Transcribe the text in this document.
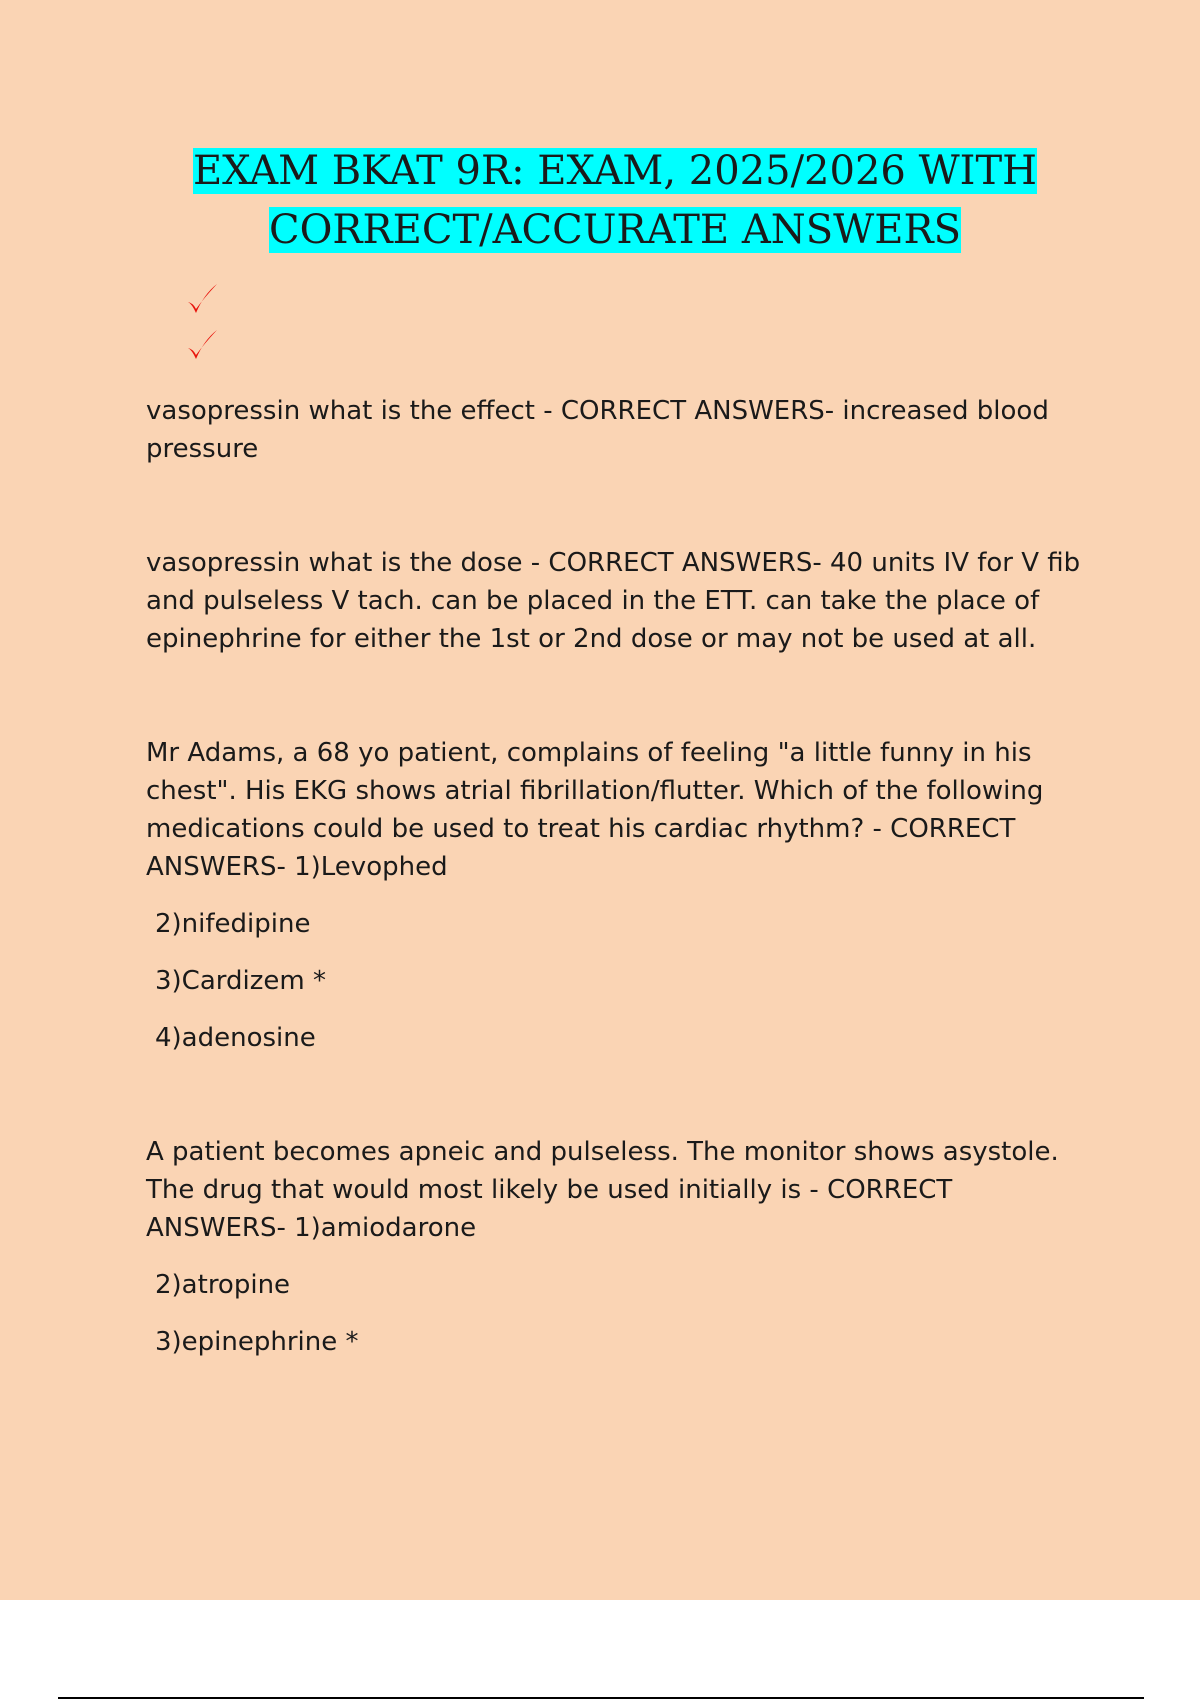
EXAM BKAT 9R: EXAM, 2025/2026 WITH CORRECT/ACCURATE ANSWERS

vasopressin what is the effect - CORRECT ANSWERS- increased blood pressure

vasopressin what is the dose - CORRECT ANSWERS- 40 units IV for V fib and pulseless V tach. can be placed in the ETT. can take the place of epinephrine for either the 1st or 2nd dose or may not be used at all.

Mr Adams, a 68 yo patient, complains of feeling "a little funny in his chest". His EKG shows atrial fibrillation/flutter. Which of the following medications could be used to treat his cardiac rhythm? - CORRECT ANSWERS- 1)Levophed

2)nifedipine

3)Cardizem *

4)adenosine

A patient becomes apneic and pulseless. The monitor shows asystole. The drug that would most likely be used initially is - CORRECT ANSWERS- 1)amiodarone

2)atropine

3)epinephrine *
